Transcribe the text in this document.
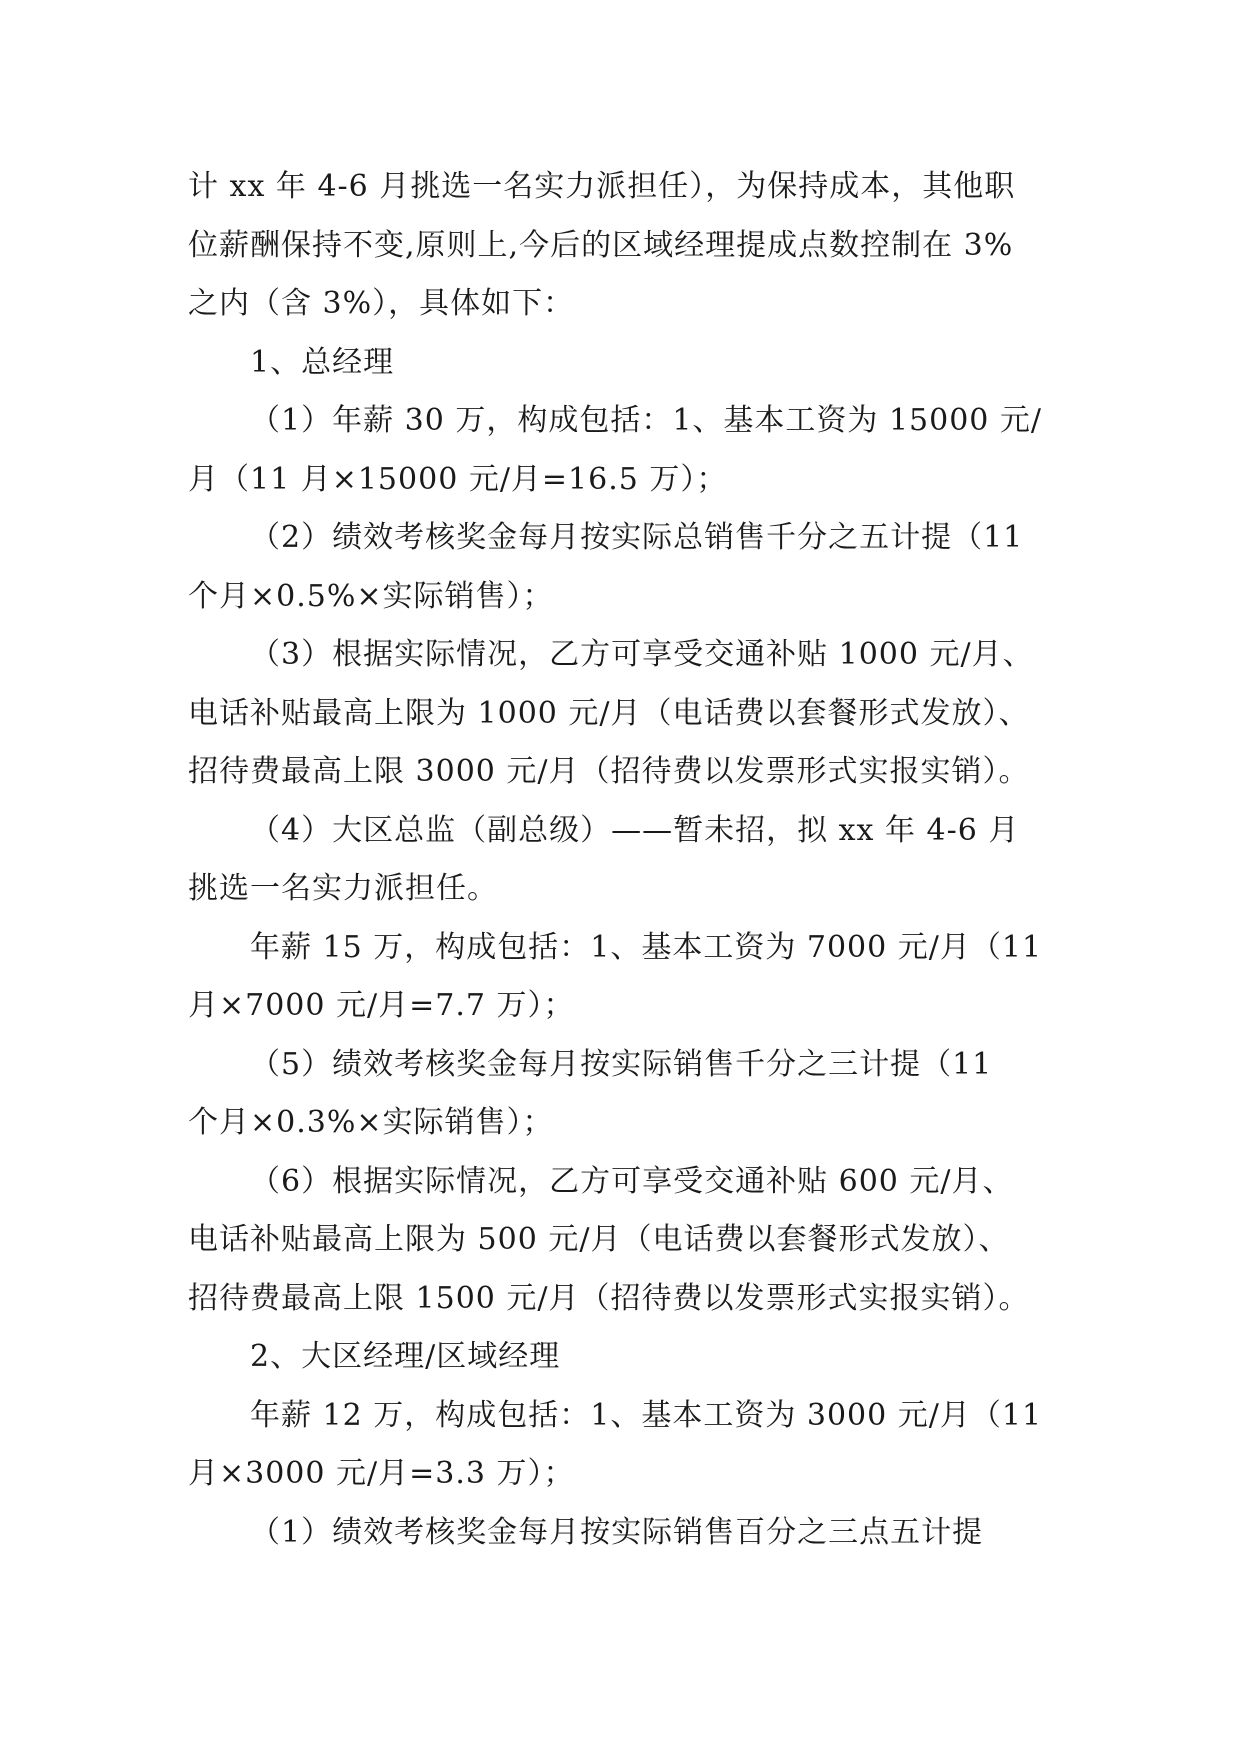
计 xx 年 4-6 月挑选一名实力派担任），为保持成本，其他职
位薪酬保持不变,原则上,今后的区域经理提成点数控制在 3%
之内（含 3%），具体如下：
1、总经理
（1）年薪 30 万，构成包括：1、基本工资为 15000 元/
月（11 月×15000 元/月=16.5 万）；
（2）绩效考核奖金每月按实际总销售千分之五计提（11
个月×0.5%×实际销售）；
（3）根据实际情况，乙方可享受交通补贴 1000 元/月、
电话补贴最高上限为 1000 元/月（电话费以套餐形式发放）、
招待费最高上限 3000 元/月（招待费以发票形式实报实销）。
（4）大区总监（副总级）——暂未招，拟 xx 年 4-6 月
挑选一名实力派担任。
年薪 15 万，构成包括：1、基本工资为 7000 元/月（11
月×7000 元/月=7.7 万）；
（5）绩效考核奖金每月按实际销售千分之三计提（11
个月×0.3%×实际销售）；
（6）根据实际情况，乙方可享受交通补贴 600 元/月、
电话补贴最高上限为 500 元/月（电话费以套餐形式发放）、
招待费最高上限 1500 元/月（招待费以发票形式实报实销）。
2、大区经理/区域经理
年薪 12 万，构成包括：1、基本工资为 3000 元/月（11
月×3000 元/月=3.3 万）；
（1）绩效考核奖金每月按实际销售百分之三点五计提
